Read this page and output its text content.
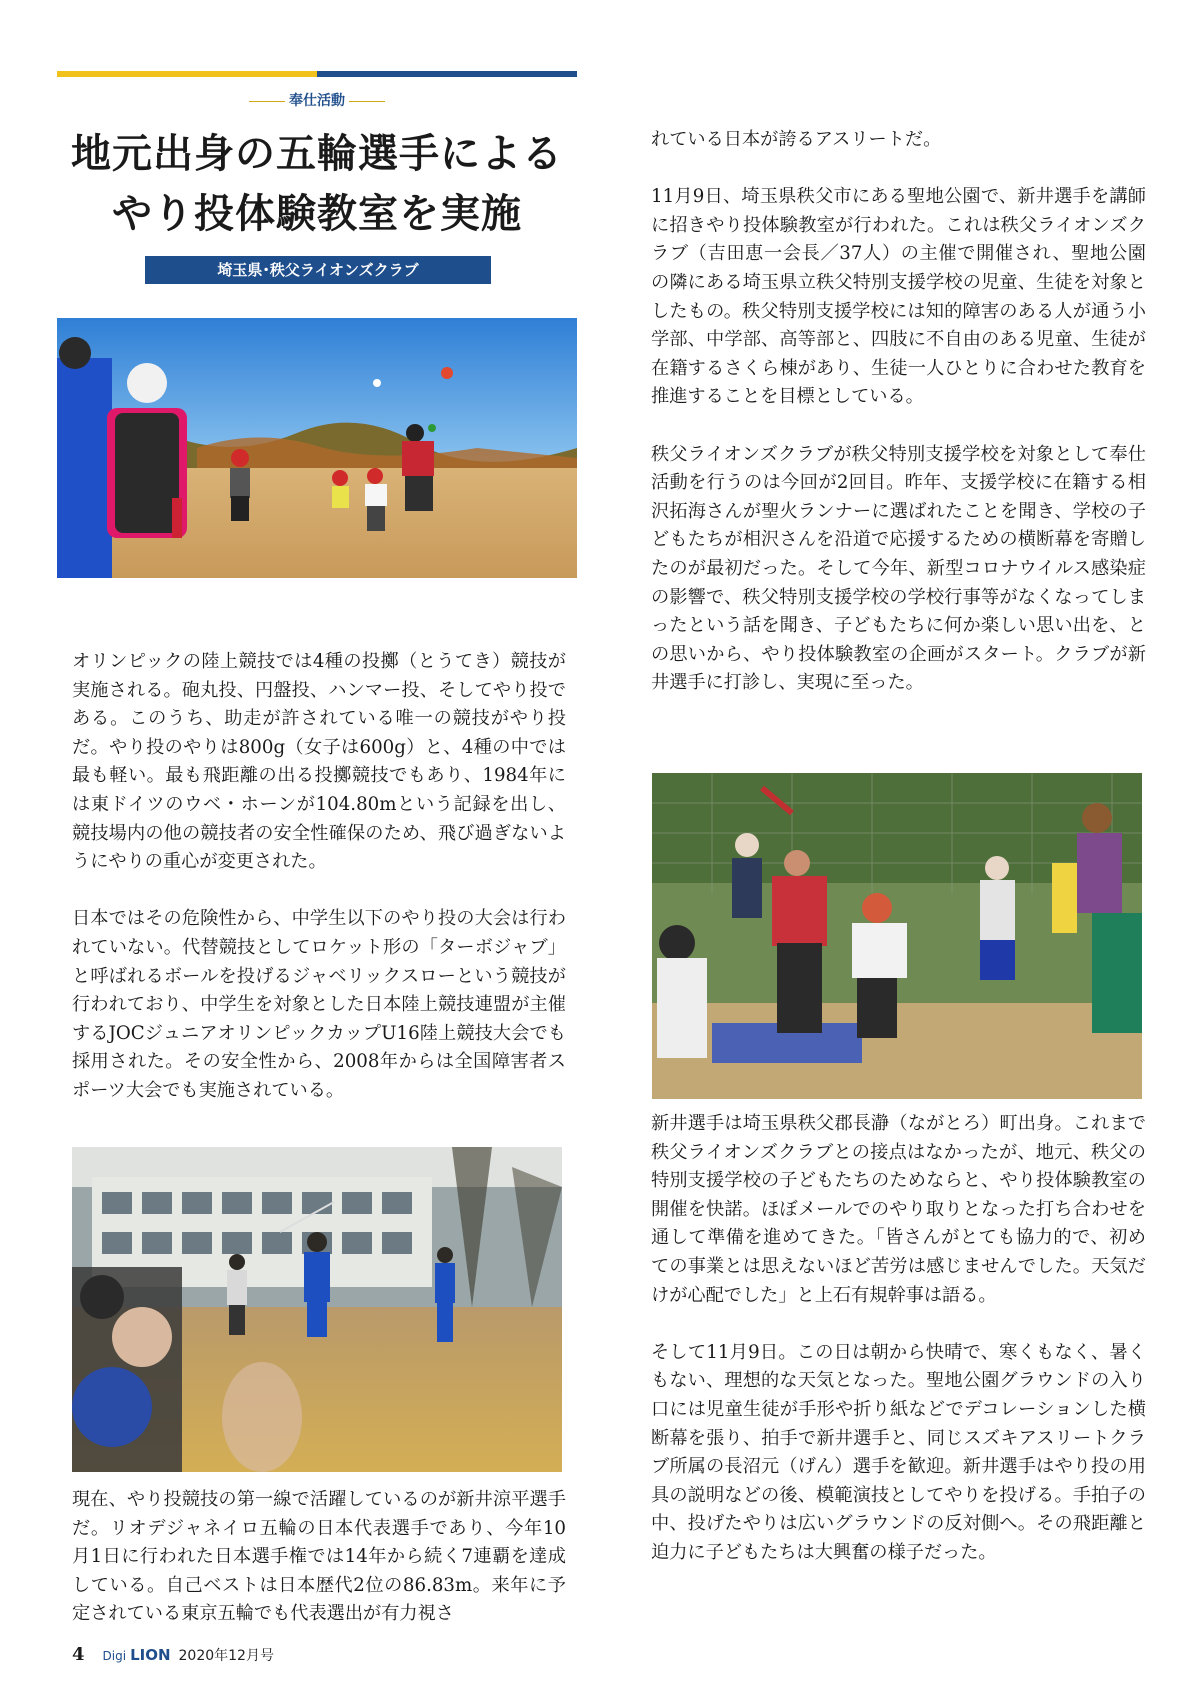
奉仕活動
地元出身の五輪選手による
やり投体験教室を実施
埼玉県･秩父ライオンズクラブ

オリンピックの陸上競技では4種の投擲（とうてき）競技が実施される。砲丸投、円盤投、ハンマー投、そしてやり投である。このうち、助走が許されている唯一の競技がやり投だ。やり投のやりは800g（女子は600g）と、4種の中では最も軽い。最も飛距離の出る投擲競技でもあり、1984年には東ドイツのウベ・ホーンが104.80mという記録を出し、競技場内の他の競技者の安全性確保のため、飛び過ぎないようにやりの重心が変更された。

日本ではその危険性から、中学生以下のやり投の大会は行われていない。代替競技としてロケット形の「ターボジャブ」と呼ばれるボールを投げるジャベリックスローという競技が行われており、中学生を対象とした日本陸上競技連盟が主催するJOCジュニアオリンピックカップU16陸上競技大会でも採用された。その安全性から、2008年からは全国障害者スポーツ大会でも実施されている。

現在、やり投競技の第一線で活躍しているのが新井涼平選手だ。リオデジャネイロ五輪の日本代表選手であり、今年10月1日に行われた日本選手権では14年から続く7連覇を達成している。自己ベストは日本歴代2位の86.83m。来年に予定されている東京五輪でも代表選出が有力視さ

れている日本が誇るアスリートだ。

11月9日、埼玉県秩父市にある聖地公園で、新井選手を講師に招きやり投体験教室が行われた。これは秩父ライオンズクラブ（吉田恵一会長／37人）の主催で開催され、聖地公園の隣にある埼玉県立秩父特別支援学校の児童、生徒を対象としたもの。秩父特別支援学校には知的障害のある人が通う小学部、中学部、高等部と、四肢に不自由のある児童、生徒が在籍するさくら棟があり、生徒一人ひとりに合わせた教育を推進することを目標としている。

秩父ライオンズクラブが秩父特別支援学校を対象として奉仕活動を行うのは今回が2回目。昨年、支援学校に在籍する相沢拓海さんが聖火ランナーに選ばれたことを聞き、学校の子どもたちが相沢さんを沿道で応援するための横断幕を寄贈したのが最初だった。そして今年、新型コロナウイルス感染症の影響で、秩父特別支援学校の学校行事等がなくなってしまったという話を聞き、子どもたちに何か楽しい思い出を、との思いから、やり投体験教室の企画がスタート。クラブが新井選手に打診し、実現に至った。

新井選手は埼玉県秩父郡長瀞（ながとろ）町出身。これまで秩父ライオンズクラブとの接点はなかったが、地元、秩父の特別支援学校の子どもたちのためならと、やり投体験教室の開催を快諾。ほぼメールでのやり取りとなった打ち合わせを通して準備を進めてきた。「皆さんがとても協力的で、初めての事業とは思えないほど苦労は感じませんでした。天気だけが心配でした」と上石有規幹事は語る。

そして11月9日。この日は朝から快晴で、寒くもなく、暑くもない、理想的な天気となった。聖地公園グラウンドの入り口には児童生徒が手形や折り紙などでデコレーションした横断幕を張り、拍手で新井選手と、同じスズキアスリートクラブ所属の長沼元（げん）選手を歓迎。新井選手はやり投の用具の説明などの後、模範演技としてやりを投げる。手拍子の中、投げたやりは広いグラウンドの反対側へ。その飛距離と迫力に子どもたちは大興奮の様子だった。

4 Digi LION 2020年12月号
